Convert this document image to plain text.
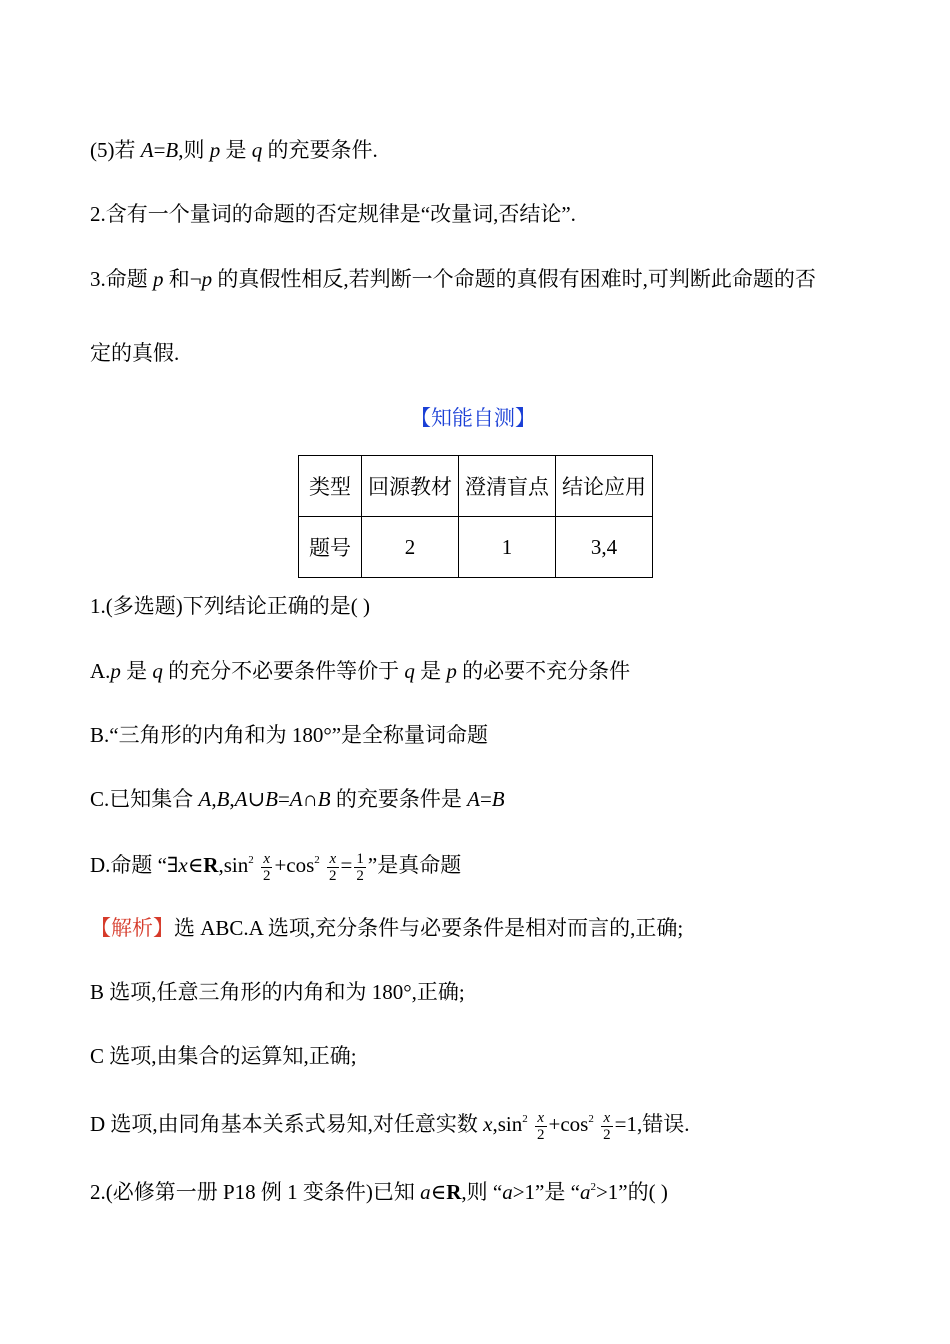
(5)若 A=B,则 p 是 q 的充要条件.
2.含有一个量词的命题的否定规律是“改量词,否结论”.
3.命题 p 和¬p 的真假性相反,若判断一个命题的真假有困难时,可判断此命题的否
定的真假.
【知能自测】
类型	回源教材	澄清盲点	结论应用
题号	2	1	3,4
1.(多选题)下列结论正确的是( )
A.p 是 q 的充分不必要条件等价于 q 是 p 的必要不充分条件
B.“三角形的内角和为 180°”是全称量词命题
C.已知集合 A,B,A∪B=A∩B 的充要条件是 A=B
D.命题 “$\exists x\in R,\sin^2 \frac{x}{2} +\cos^2 \frac{x}{2} = \frac{1}{2}$ ”是真命题
【解析】选 ABC.A 选项,充分条件与必要条件是相对而言的,正确;
B 选项,任意三角形的内角和为 180°,正确;
C 选项,由集合的运算知,正确;
D 选项,由同角基本关系式易知,对任意实数 $x,\sin^2 \frac{x}{2} +\cos^2 \frac{x}{2} =1$,错误.
2.(必修第一册 P18 例 1 变条件)已知 a∈R,则 “a>1”是 “$a^2>1$”的( )
